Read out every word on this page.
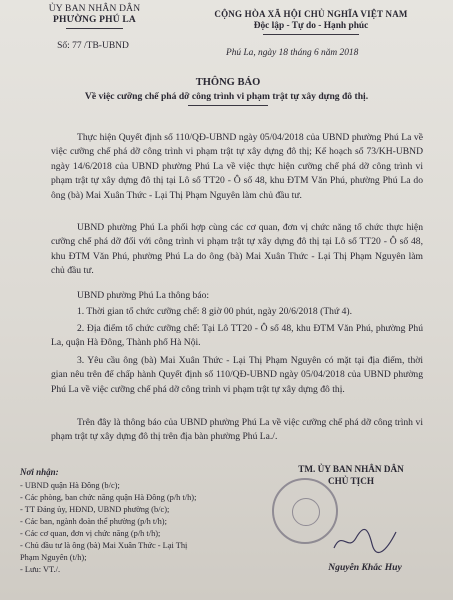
ỦY BAN NHÂN DÂN
PHƯỜNG PHÚ LA
Số: 77 /TB-UBND
CỘNG HÒA XÃ HỘI CHỦ NGHĨA VIỆT NAM
Độc lập - Tự do - Hạnh phúc
Phú La, ngày 18 tháng 6 năm 2018
THÔNG BÁO
Về việc cưỡng chế phá dỡ công trình vi phạm trật tự xây dựng đô thị.

Thực hiện Quyết định số 110/QĐ-UBND ngày 05/04/2018 của UBND phường Phú La về việc cưỡng chế phá dỡ công trình vi phạm trật tự xây dựng đô thị; Kế hoạch số 73/KH-UBND ngày 14/6/2018 của UBND phường Phú La về việc thực hiện cưỡng chế phá dỡ công trình vi phạm trật tự xây dựng đô thị tại Lô số TT20 - Ô số 48, khu ĐTM Văn Phú, phường Phú La do ông (bà) Mai Xuân Thức - Lại Thị Phạm Nguyên làm chủ đầu tư.

UBND phường Phú La phối hợp cùng các cơ quan, đơn vị chức năng tổ chức thực hiện cưỡng chế phá dỡ đối với công trình vi phạm trật tự xây dựng đô thị tại Lô số TT20 - Ô số 48, khu ĐTM Văn Phú, phường Phú La do ông (bà) Mai Xuân Thức - Lại Thị Phạm Nguyên làm chủ đầu tư.

UBND phường Phú La thông báo:

1. Thời gian tổ chức cưỡng chế: 8 giờ 00 phút, ngày 20/6/2018 (Thứ 4).

2. Địa điểm tổ chức cưỡng chế: Tại Lô TT20 - Ô số 48, khu ĐTM Văn Phú, phường Phú La, quận Hà Đông, Thành phố Hà Nội.

3. Yêu cầu ông (bà) Mai Xuân Thức - Lại Thị Phạm Nguyên có mặt tại địa điểm, thời gian nêu trên để chấp hành Quyết định số 110/QĐ-UBND ngày 05/04/2018 của UBND phường Phú La về việc cưỡng chế phá dỡ công trình vi phạm trật tự xây dựng đô thị.

Trên đây là thông báo của UBND phường Phú La về việc cưỡng chế phá dỡ công trình vi phạm trật tự xây dựng đô thị trên địa bàn phường Phú La./.

Nơi nhận:
- UBND quận Hà Đông (b/c);
- Các phòng, ban chức năng quận Hà Đông (p/h t/h);
- TT Đảng ủy, HĐND, UBND phường (b/c);
- Các ban, ngành đoàn thể phường (p/h t/h);
- Các cơ quan, đơn vị chức năng (p/h t/h);
- Chủ đầu tư là ông (bà) Mai Xuân Thức - Lại Thị
Phạm Nguyên (t/h);
- Lưu: VT./.
TM. ỦY BAN NHÂN DÂN
CHỦ TỊCH
Nguyễn Khắc Huy
